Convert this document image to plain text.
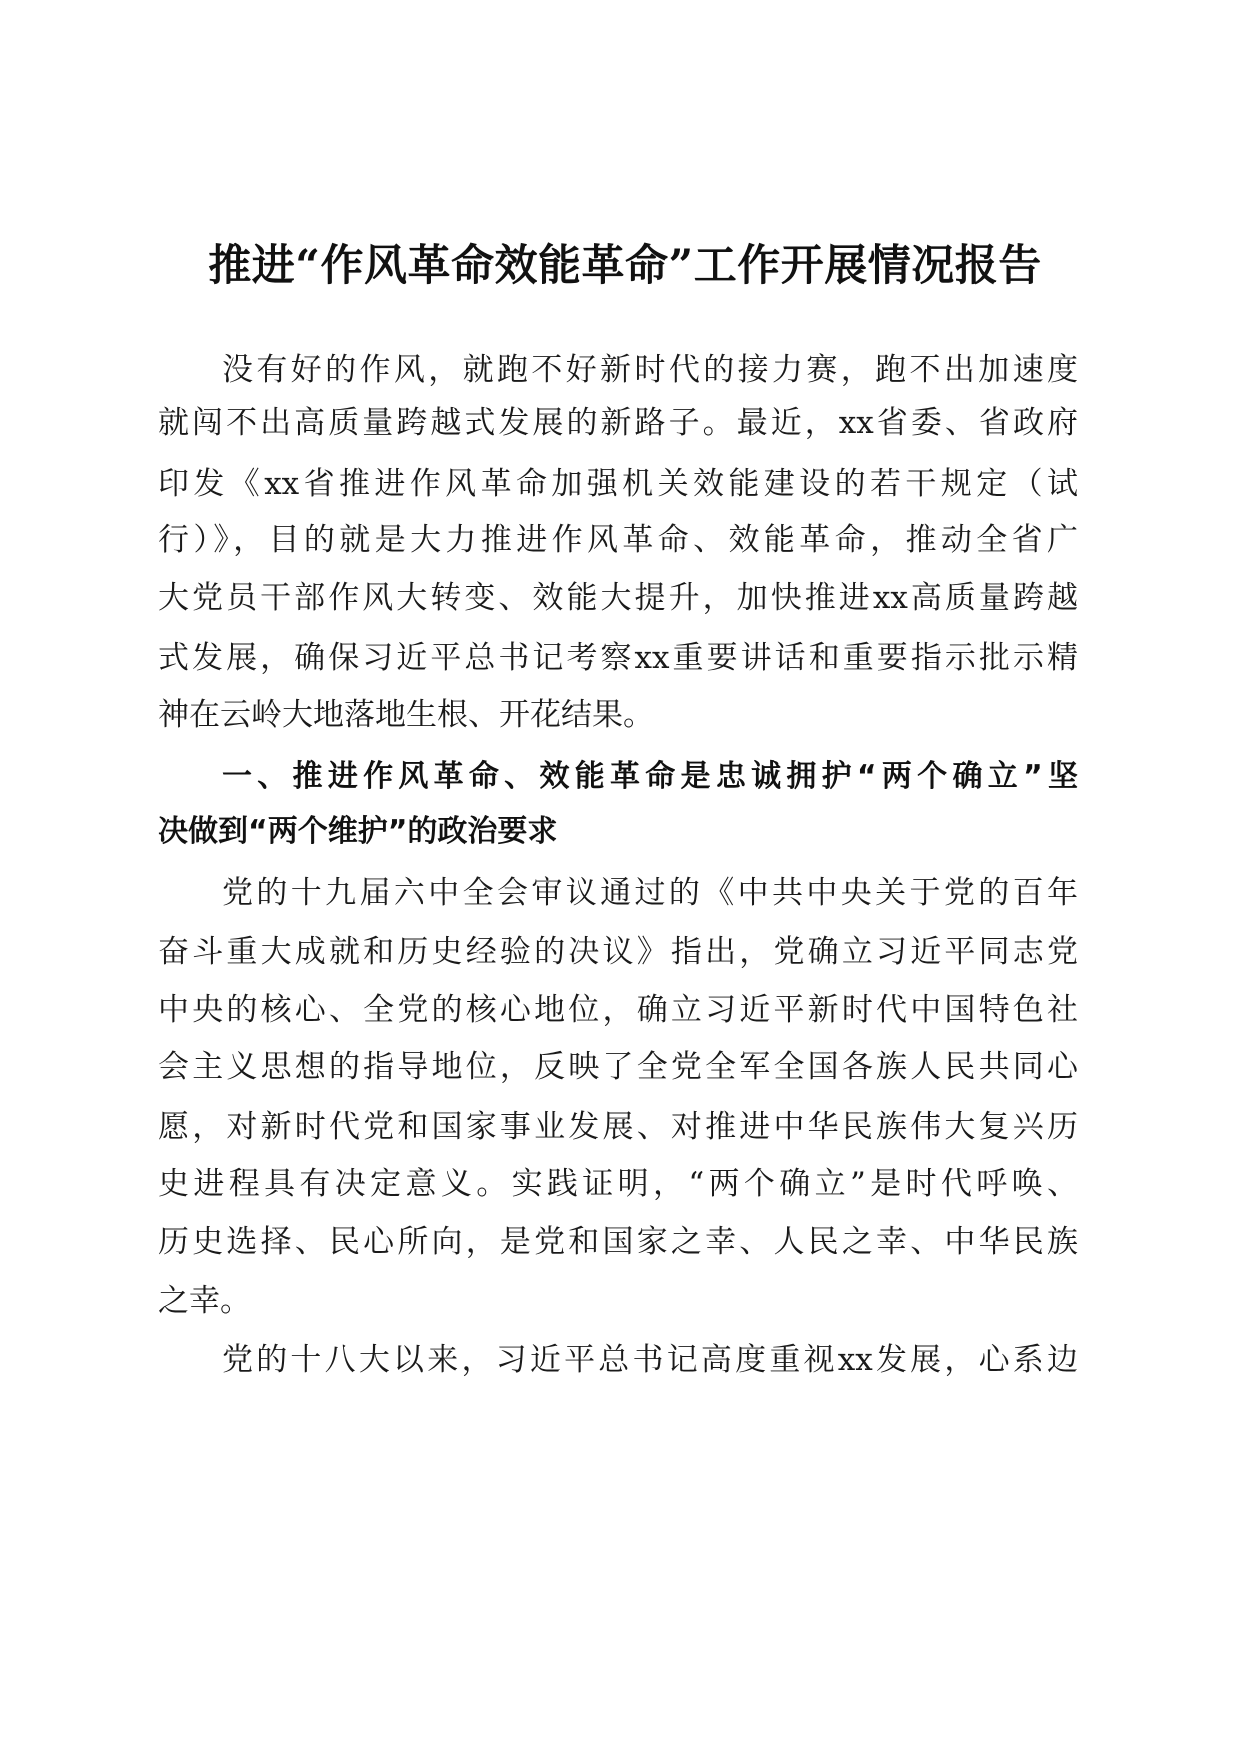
推进“作风革命效能革命”工作开展情况报告

没有好的作风，就跑不好新时代的接力赛，跑不出加速度

就闯不出高质量跨越式发展的新路子。最近，xx省委、省政府

印发《xx省推进作风革命加强机关效能建设的若干规定（试

行）》，目的就是大力推进作风革命、效能革命，推动全省广

大党员干部作风大转变、效能大提升，加快推进xx高质量跨越

式发展，确保习近平总书记考察xx重要讲话和重要指示批示精

神在云岭大地落地生根、开花结果。

一、推进作风革命、效能革命是忠诚拥护“两个确立”坚

决做到“两个维护”的政治要求

党的十九届六中全会审议通过的《中共中央关于党的百年

奋斗重大成就和历史经验的决议》指出，党确立习近平同志党

中央的核心、全党的核心地位，确立习近平新时代中国特色社

会主义思想的指导地位，反映了全党全军全国各族人民共同心

愿，对新时代党和国家事业发展、对推进中华民族伟大复兴历

史进程具有决定意义。实践证明，“两个确立”是时代呼唤、

历史选择、民心所向，是党和国家之幸、人民之幸、中华民族

之幸。

党的十八大以来，习近平总书记高度重视xx发展，心系边
